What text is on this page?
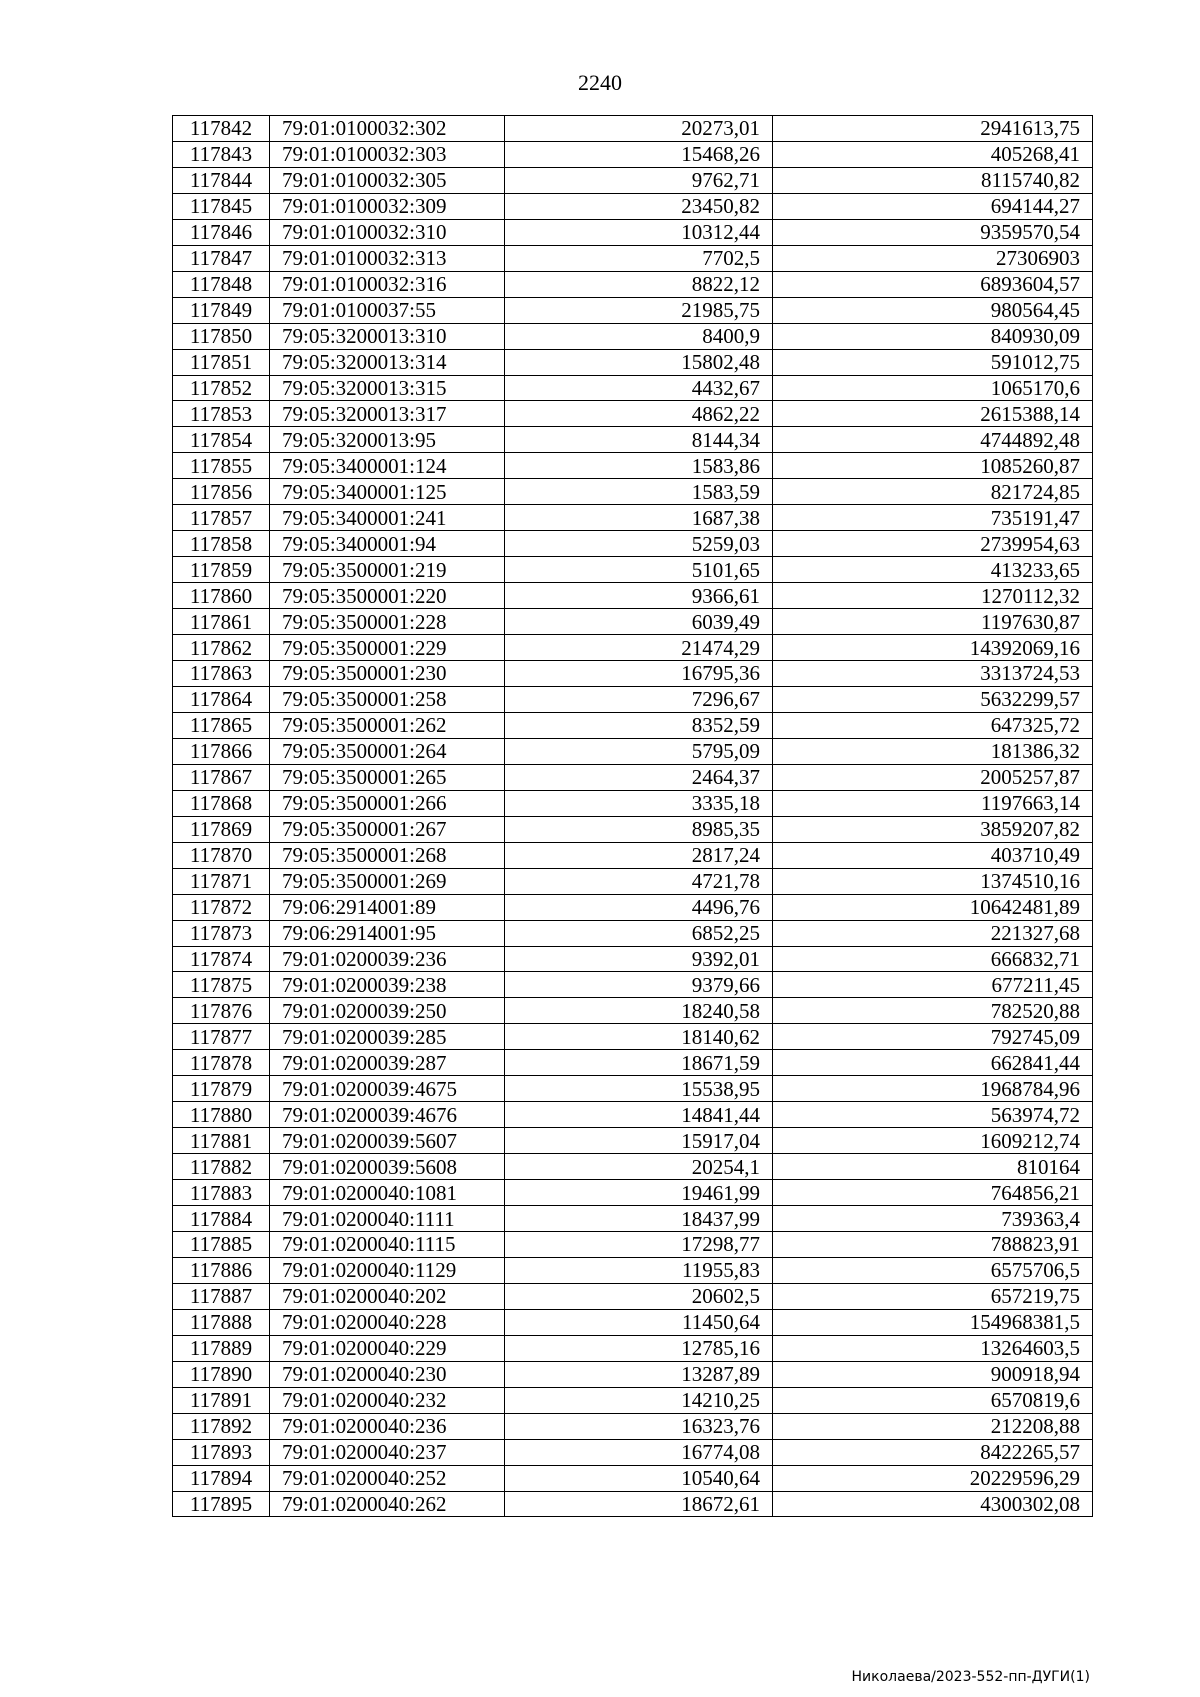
2240
117842	79:01:0100032:302	20273,01	2941613,75
117843	79:01:0100032:303	15468,26	405268,41
117844	79:01:0100032:305	9762,71	8115740,82
117845	79:01:0100032:309	23450,82	694144,27
117846	79:01:0100032:310	10312,44	9359570,54
117847	79:01:0100032:313	7702,5	27306903
117848	79:01:0100032:316	8822,12	6893604,57
117849	79:01:0100037:55	21985,75	980564,45
117850	79:05:3200013:310	8400,9	840930,09
117851	79:05:3200013:314	15802,48	591012,75
117852	79:05:3200013:315	4432,67	1065170,6
117853	79:05:3200013:317	4862,22	2615388,14
117854	79:05:3200013:95	8144,34	4744892,48
117855	79:05:3400001:124	1583,86	1085260,87
117856	79:05:3400001:125	1583,59	821724,85
117857	79:05:3400001:241	1687,38	735191,47
117858	79:05:3400001:94	5259,03	2739954,63
117859	79:05:3500001:219	5101,65	413233,65
117860	79:05:3500001:220	9366,61	1270112,32
117861	79:05:3500001:228	6039,49	1197630,87
117862	79:05:3500001:229	21474,29	14392069,16
117863	79:05:3500001:230	16795,36	3313724,53
117864	79:05:3500001:258	7296,67	5632299,57
117865	79:05:3500001:262	8352,59	647325,72
117866	79:05:3500001:264	5795,09	181386,32
117867	79:05:3500001:265	2464,37	2005257,87
117868	79:05:3500001:266	3335,18	1197663,14
117869	79:05:3500001:267	8985,35	3859207,82
117870	79:05:3500001:268	2817,24	403710,49
117871	79:05:3500001:269	4721,78	1374510,16
117872	79:06:2914001:89	4496,76	10642481,89
117873	79:06:2914001:95	6852,25	221327,68
117874	79:01:0200039:236	9392,01	666832,71
117875	79:01:0200039:238	9379,66	677211,45
117876	79:01:0200039:250	18240,58	782520,88
117877	79:01:0200039:285	18140,62	792745,09
117878	79:01:0200039:287	18671,59	662841,44
117879	79:01:0200039:4675	15538,95	1968784,96
117880	79:01:0200039:4676	14841,44	563974,72
117881	79:01:0200039:5607	15917,04	1609212,74
117882	79:01:0200039:5608	20254,1	810164
117883	79:01:0200040:1081	19461,99	764856,21
117884	79:01:0200040:1111	18437,99	739363,4
117885	79:01:0200040:1115	17298,77	788823,91
117886	79:01:0200040:1129	11955,83	6575706,5
117887	79:01:0200040:202	20602,5	657219,75
117888	79:01:0200040:228	11450,64	154968381,5
117889	79:01:0200040:229	12785,16	13264603,5
117890	79:01:0200040:230	13287,89	900918,94
117891	79:01:0200040:232	14210,25	6570819,6
117892	79:01:0200040:236	16323,76	212208,88
117893	79:01:0200040:237	16774,08	8422265,57
117894	79:01:0200040:252	10540,64	20229596,29
117895	79:01:0200040:262	18672,61	4300302,08
Николаева/2023-552-пп-ДУГИ(1)
